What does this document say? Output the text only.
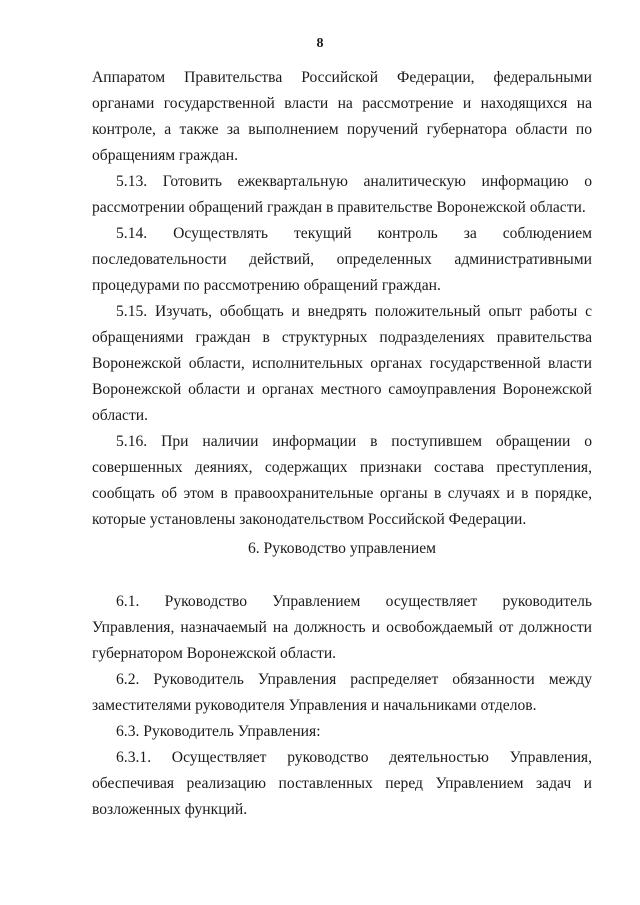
8

Аппаратом Правительства Российской Федерации, федеральными органами государственной власти на рассмотрение и находящихся на контроле, а также за выполнением поручений губернатора области по обращениям граждан.

5.13. Готовить ежеквартальную аналитическую информацию о рассмотрении обращений граждан в правительстве Воронежской области.

5.14. Осуществлять текущий контроль за соблюдением последовательности действий, определенных административными процедурами по рассмотрению обращений граждан.

5.15. Изучать, обобщать и внедрять положительный опыт работы с обращениями граждан в структурных подразделениях правительства Воронежской области, исполнительных органах государственной власти Воронежской области и органах местного самоуправления Воронежской области.

5.16. При наличии информации в поступившем обращении о совершенных деяниях, содержащих признаки состава преступления, сообщать об этом в правоохранительные органы в случаях и в порядке, которые установлены законодательством Российской Федерации.

6. Руководство управлением

6.1. Руководство Управлением осуществляет руководитель Управления, назначаемый на должность и освобождаемый от должности губернатором Воронежской области.

6.2. Руководитель Управления распределяет обязанности между заместителями руководителя Управления и начальниками отделов.

6.3. Руководитель Управления:

6.3.1. Осуществляет руководство деятельностью Управления, обеспечивая реализацию поставленных перед Управлением задач и возложенных функций.
